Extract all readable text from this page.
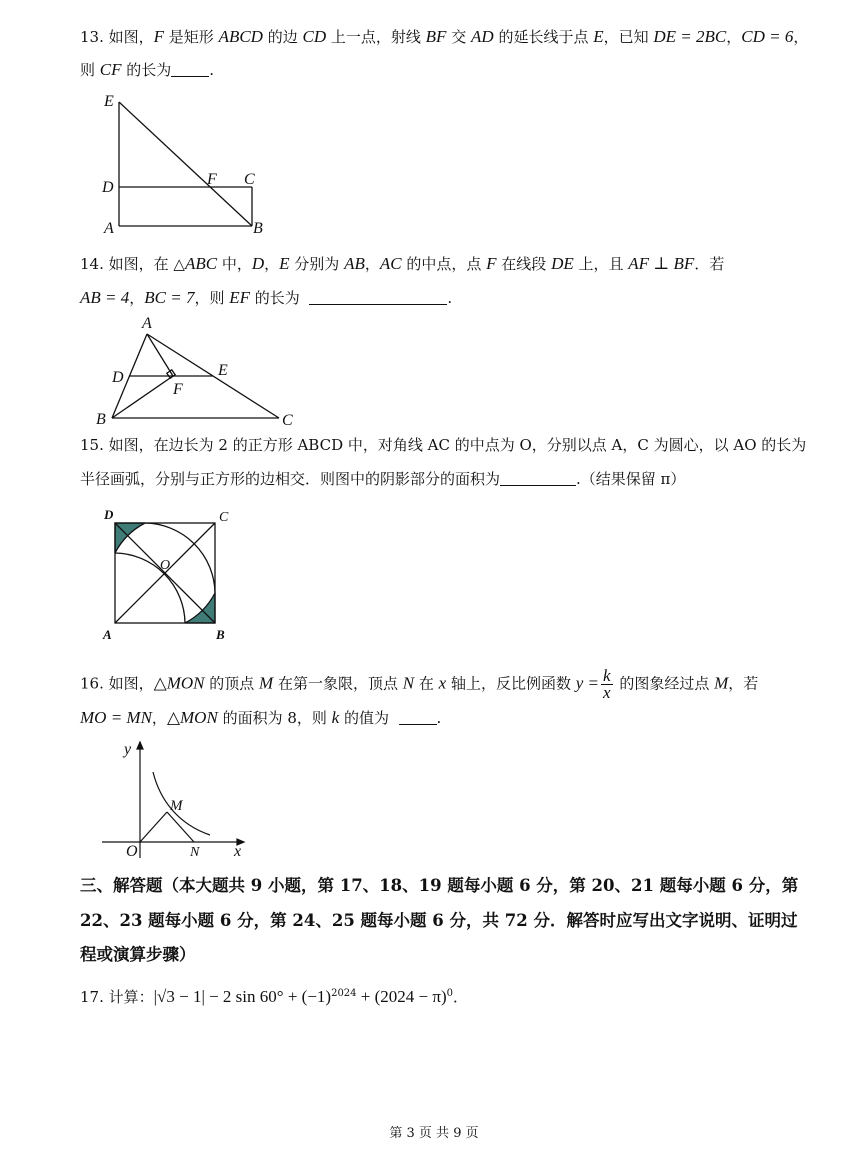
13. 如图，F 是矩形 ABCD 的边 CD 上一点，射线 BF 交 AD 的延长线于点 E，已知 DE = 2BC，CD = 6，
则 CF 的长为	.
E
D	F C
A	B
14. 如图，在 △ABC 中，D，E 分别为 AB，AC 的中点，点 F 在线段 DE 上，且 AF ⊥ BF．若
AB = 4，BC = 7，则 EF 的长为	.
A
D	E
F
B	C
15. 如图，在边长为 2 的正方形 ABCD 中，对角线 AC 的中点为 O，分别以点 A，C 为圆心，以 AO 的长为
半径画弧，分别与正方形的边相交．则图中的阴影部分的面积为	.（结果保留 π）
D	C
O
A	B
16. 如图，△MON 的顶点 M 在第一象限，顶点 N 在 x 轴上，反比例函数 $y = \frac{k}{x}$ 的图象经过点 M，若
MO = MN，△MON 的面积为 8，则 k 的值为	.
y
M
O	N x
三、解答题（本大题共 9 小题，第 17、18、19 题每小题 6 分，第 20、21 题每小题 6 分，第
22、23 题每小题 6 分，第 24、25 题每小题 6 分，共 72 分．解答时应写出文字说明、证明过
程或演算步骤）
17. 计算：|√3 − 1| − 2 $\sin 60^\circ + (-1)^{2024} + (2024 - \pi)^0$．
第 3 页 共 9 页
